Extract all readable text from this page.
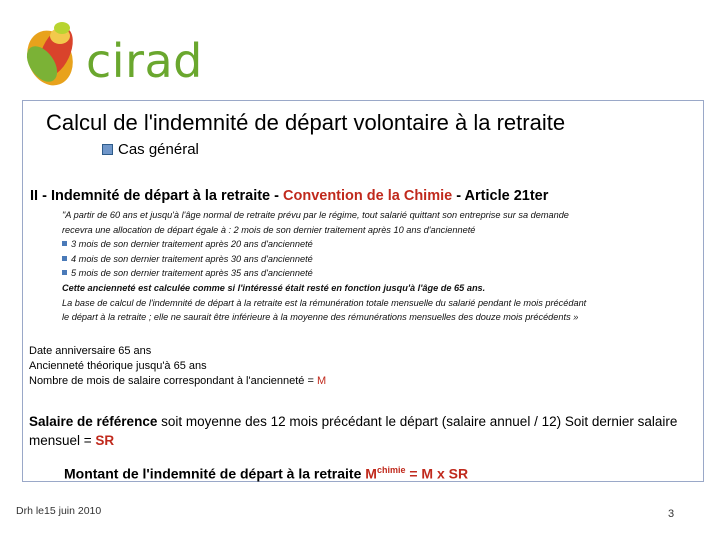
cirad
Calcul de l'indemnité de départ volontaire à la retraite
Cas général
II - Indemnité de départ à la retraite - Convention de la Chimie - Article 21ter
"A partir de 60 ans et jusqu'à l'âge normal de retraite prévu par le régime, tout salarié quittant son entreprise sur sa demande
recevra une allocation de départ égale à : 2 mois de son dernier traitement après 10 ans d'ancienneté
3 mois de son dernier traitement après 20 ans d'ancienneté
4 mois de son dernier traitement après 30 ans d'ancienneté
5 mois de son dernier traitement après 35 ans d'ancienneté
Cette ancienneté est calculée comme si l'intéressé était resté en fonction jusqu'à l'âge de 65 ans.
La base de calcul de l'indemnité de départ à la retraite est la rémunération totale mensuelle du salarié pendant le mois précédant
le départ à la retraite ; elle ne saurait être inférieure à la moyenne des rémunérations mensuelles des douze mois précédents »
Date anniversaire 65 ans
Ancienneté théorique jusqu'à 65 ans
Nombre de mois de salaire correspondant à l'ancienneté = M
Salaire de référence soit moyenne des 12 mois précédant le départ (salaire annuel / 12) Soit dernier salaire mensuel = SR
Montant de l'indemnité de départ à la retraite $M^{chimie} = M$ x SR
Drh le15 juin 2010	3
